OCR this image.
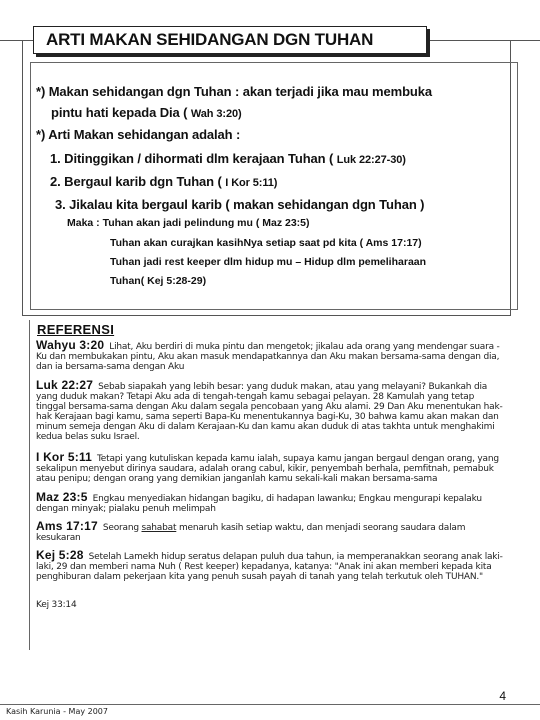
ARTI MAKAN SEHIDANGAN DGN TUHAN
*) Makan sehidangan dgn Tuhan : akan terjadi jika mau membuka
pintu hati kepada Dia ( Wah 3:20)
*) Arti Makan sehidangan adalah :
1. Ditinggikan / dihormati dlm kerajaan Tuhan ( Luk 22:27-30)
2. Bergaul karib dgn Tuhan ( I Kor 5:11)
3. Jikalau kita bergaul karib ( makan sehidangan dgn Tuhan )
Maka : Tuhan akan jadi pelindung mu ( Maz 23:5)
Tuhan akan curajkan kasihNya setiap saat pd kita ( Ams 17:17)
Tuhan jadi rest keeper dlm hidup mu – Hidup dlm pemeliharaan
Tuhan( Kej 5:28-29)
REFERENSI
Wahyu 3:20 Lihat, Aku berdiri di muka pintu dan mengetok; jikalau ada orang yang mendengar suara -Ku dan membukakan pintu, Aku akan masuk mendapatkannya dan Aku makan bersama-sama dengan dia, dan ia bersama-sama dengan Aku
Luk 22:27 Sebab siapakah yang lebih besar: yang duduk makan, atau yang melayani? Bukankah dia yang duduk makan? Tetapi Aku ada di tengah-tengah kamu sebagai pelayan. 28 Kamulah yang tetap tinggal bersama-sama dengan Aku dalam segala pencobaan yang Aku alami. 29 Dan Aku menentukan hak-hak Kerajaan bagi kamu, sama seperti Bapa-Ku menentukannya bagi-Ku, 30 bahwa kamu akan makan dan minum semeja dengan Aku di dalam Kerajaan-Ku dan kamu akan duduk di atas takhta untuk menghakimi kedua belas suku Israel.
I Kor 5:11 Tetapi yang kutuliskan kepada kamu ialah, supaya kamu jangan bergaul dengan orang, yang sekalipun menyebut dirinya saudara, adalah orang cabul, kikir, penyembah berhala, pemfitnah, pemabuk atau penipu; dengan orang yang demikian janganlah kamu sekali-kali makan bersama-sama
Maz 23:5 Engkau menyediakan hidangan bagiku, di hadapan lawanku; Engkau mengurapi kepalaku dengan minyak; pialaku penuh melimpah
Ams 17:17 Seorang sahabat menaruh kasih setiap waktu, dan menjadi seorang saudara dalam kesukaran
Kej 5:28 Setelah Lamekh hidup seratus delapan puluh dua tahun, ia memperanakkan seorang anak laki-laki, 29 dan memberi nama Nuh ( Rest keeper) kepadanya, katanya: "Anak ini akan memberi kepada kita penghiburan dalam pekerjaan kita yang penuh susah payah di tanah yang telah terkutuk oleh TUHAN."
Kej 33:14
4
Kasih Karunia - May 2007
